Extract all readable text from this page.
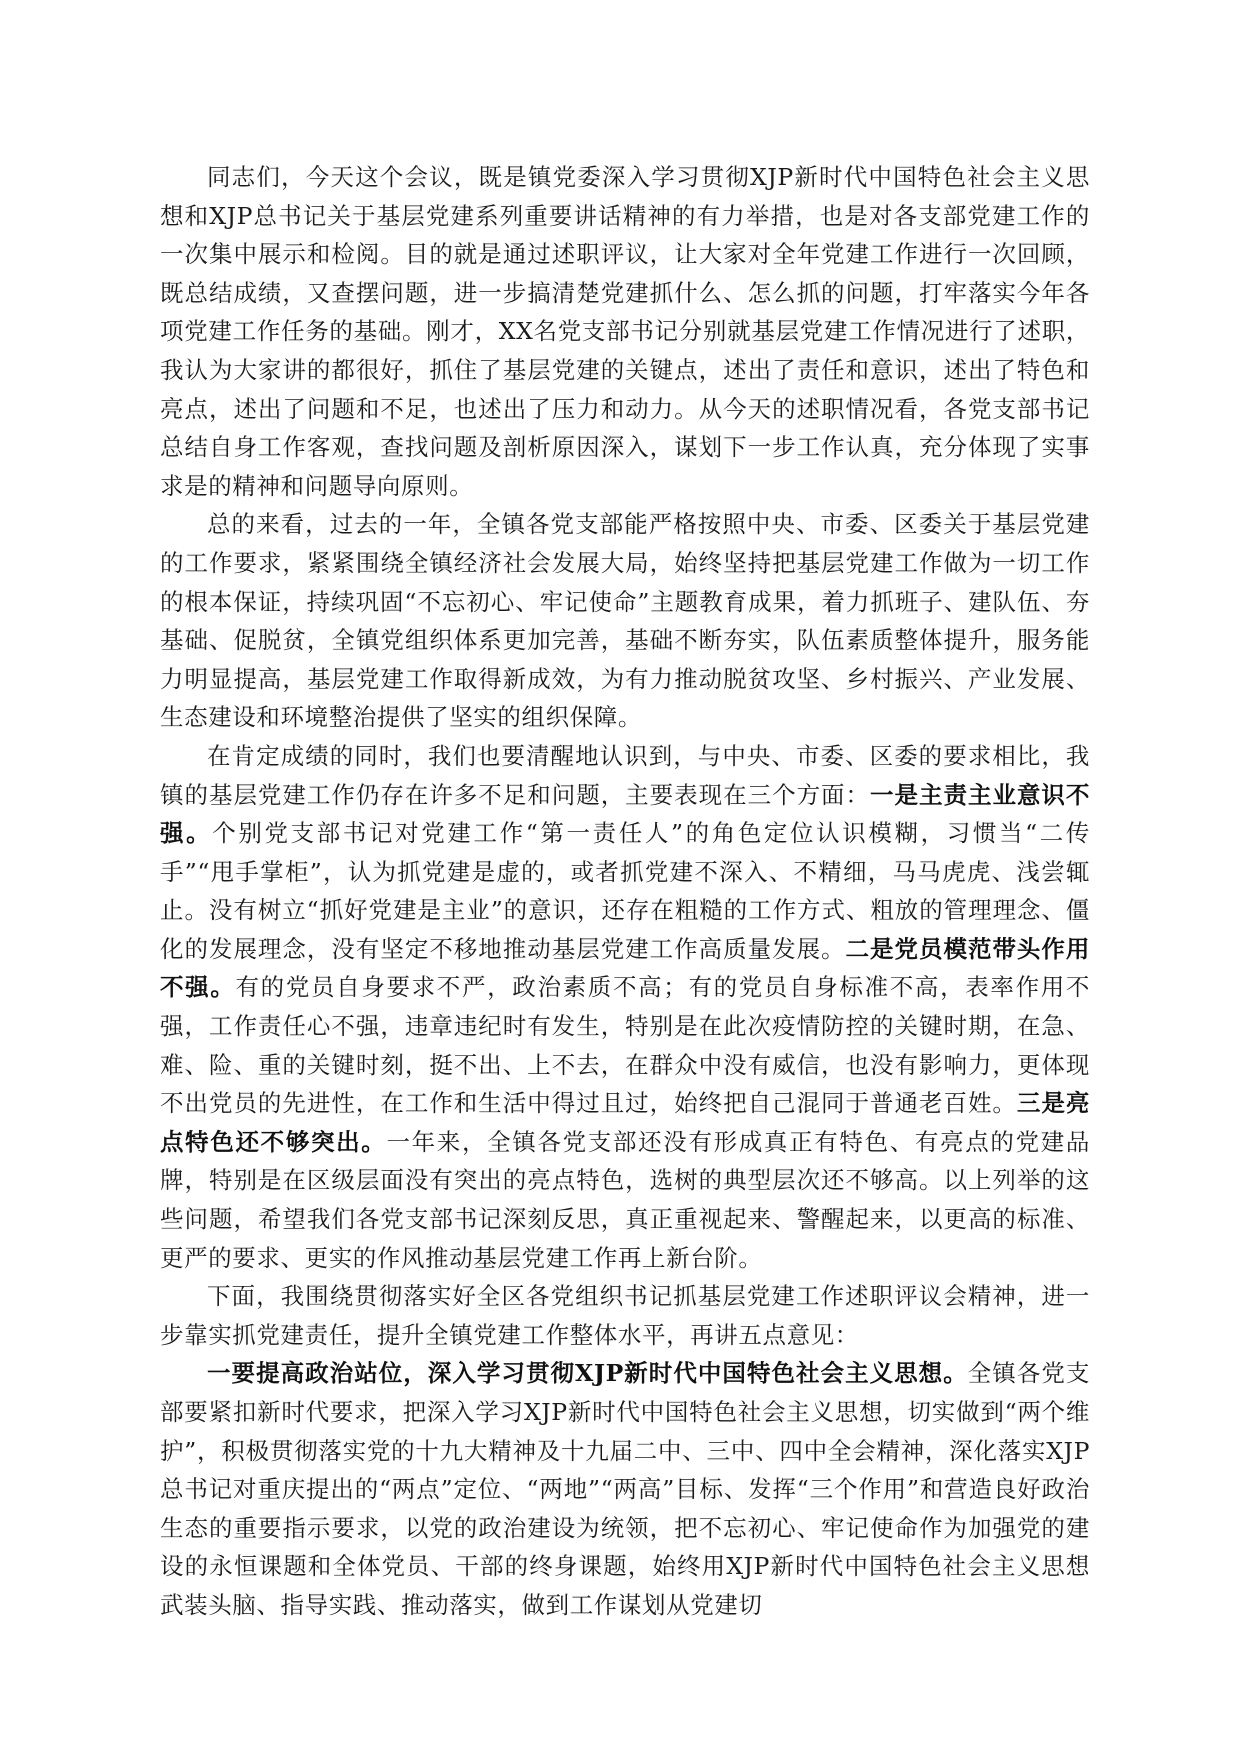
同志们，今天这个会议，既是镇党委深入学习贯彻XJP新时代中国特色社会主义思想和XJP总书记关于基层党建系列重要讲话精神的有力举措，也是对各支部党建工作的一次集中展示和检阅。目的就是通过述职评议，让大家对全年党建工作进行一次回顾，既总结成绩，又查摆问题，进一步搞清楚党建抓什么、怎么抓的问题，打牢落实今年各项党建工作任务的基础。刚才，XX名党支部书记分别就基层党建工作情况进行了述职，我认为大家讲的都很好，抓住了基层党建的关键点，述出了责任和意识，述出了特色和亮点，述出了问题和不足，也述出了压力和动力。从今天的述职情况看，各党支部书记总结自身工作客观，查找问题及剖析原因深入，谋划下一步工作认真，充分体现了实事求是的精神和问题导向原则。

总的来看，过去的一年，全镇各党支部能严格按照中央、市委、区委关于基层党建的工作要求，紧紧围绕全镇经济社会发展大局，始终坚持把基层党建工作做为一切工作的根本保证，持续巩固“不忘初心、牢记使命”主题教育成果，着力抓班子、建队伍、夯基础、促脱贫，全镇党组织体系更加完善，基础不断夯实，队伍素质整体提升，服务能力明显提高，基层党建工作取得新成效，为有力推动脱贫攻坚、乡村振兴、产业发展、生态建设和环境整治提供了坚实的组织保障。

在肯定成绩的同时，我们也要清醒地认识到，与中央、市委、区委的要求相比，我镇的基层党建工作仍存在许多不足和问题，主要表现在三个方面：一是主责主业意识不强。个别党支部书记对党建工作“第一责任人”的角色定位认识模糊，习惯当“二传手”“甩手掌柜”，认为抓党建是虚的，或者抓党建不深入、不精细，马马虎虎、浅尝辄止。没有树立“抓好党建是主业”的意识，还存在粗糙的工作方式、粗放的管理理念、僵化的发展理念，没有坚定不移地推动基层党建工作高质量发展。二是党员模范带头作用不强。有的党员自身要求不严，政治素质不高；有的党员自身标准不高，表率作用不强，工作责任心不强，违章违纪时有发生，特别是在此次疫情防控的关键时期，在急、难、险、重的关键时刻，挺不出、上不去，在群众中没有威信，也没有影响力，更体现不出党员的先进性，在工作和生活中得过且过，始终把自己混同于普通老百姓。三是亮点特色还不够突出。一年来，全镇各党支部还没有形成真正有特色、有亮点的党建品牌，特别是在区级层面没有突出的亮点特色，选树的典型层次还不够高。以上列举的这些问题，希望我们各党支部书记深刻反思，真正重视起来、警醒起来，以更高的标准、更严的要求、更实的作风推动基层党建工作再上新台阶。

下面，我围绕贯彻落实好全区各党组织书记抓基层党建工作述职评议会精神，进一步靠实抓党建责任，提升全镇党建工作整体水平，再讲五点意见：

一要提高政治站位，深入学习贯彻XJP新时代中国特色社会主义思想。全镇各党支部要紧扣新时代要求，把深入学习XJP新时代中国特色社会主义思想，切实做到“两个维护”，积极贯彻落实党的十九大精神及十九届二中、三中、四中全会精神，深化落实XJP总书记对重庆提出的“两点”定位、“两地”“两高”目标、发挥“三个作用”和营造良好政治生态的重要指示要求，以党的政治建设为统领，把不忘初心、牢记使命作为加强党的建设的永恒课题和全体党员、干部的终身课题，始终用XJP新时代中国特色社会主义思想武装头脑、指导实践、推动落实，做到工作谋划从党建切
